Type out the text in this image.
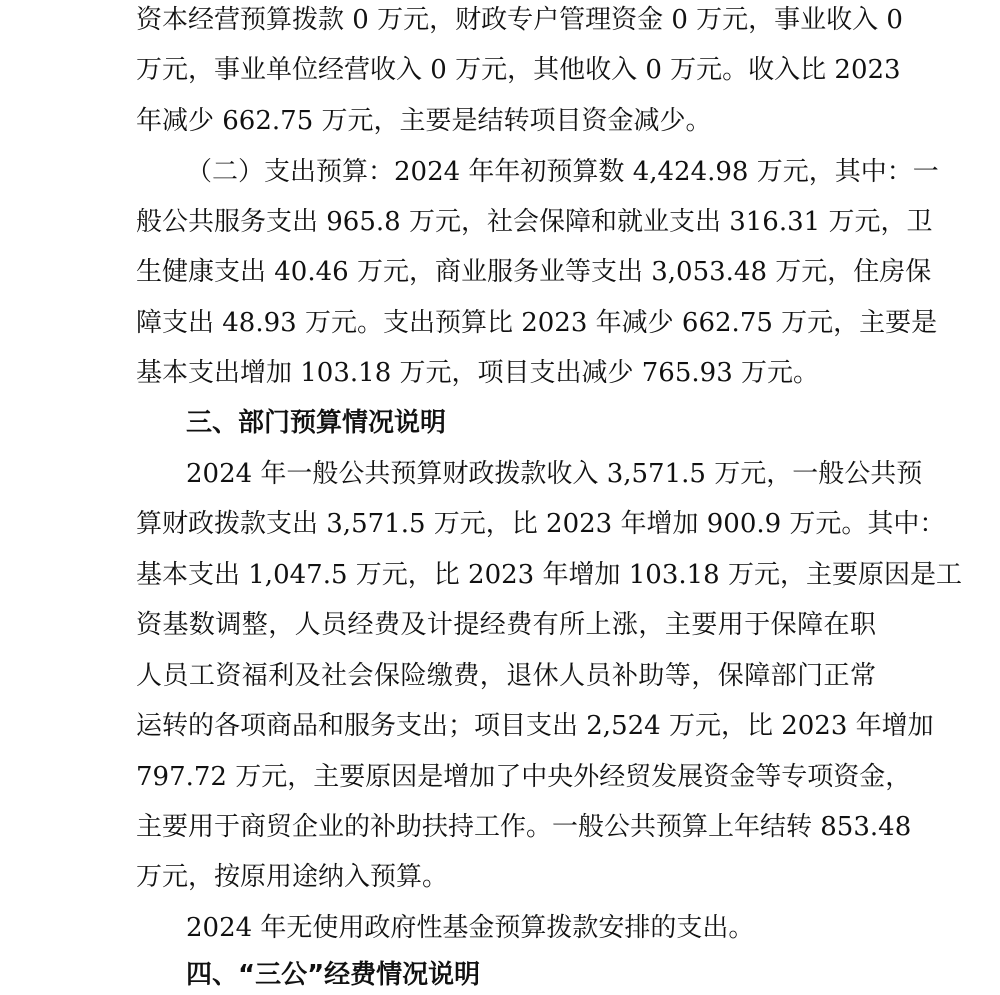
资本经营预算拨款 0 万元，财政专户管理资金 0 万元，事业收入 0
万元，事业单位经营收入 0 万元，其他收入 0 万元。收入比 2023
年减少 662.75 万元，主要是结转项目资金减少。
（二）支出预算：2024 年年初预算数 4,424.98 万元，其中：一
般公共服务支出 965.8 万元，社会保障和就业支出 316.31 万元，卫
生健康支出 40.46 万元，商业服务业等支出 3,053.48 万元，住房保
障支出 48.93 万元。支出预算比 2023 年减少 662.75 万元，主要是
基本支出增加 103.18 万元，项目支出减少 765.93 万元。
三、部门预算情况说明
2024 年一般公共预算财政拨款收入 3,571.5 万元，一般公共预
算财政拨款支出 3,571.5 万元，比 2023 年增加 900.9 万元。其中：
基本支出 1,047.5 万元，比 2023 年增加 103.18 万元，主要原因是工
资基数调整，人员经费及计提经费有所上涨，主要用于保障在职
人员工资福利及社会保险缴费，退休人员补助等，保障部门正常
运转的各项商品和服务支出；项目支出 2,524 万元，比 2023 年增加
797.72 万元，主要原因是增加了中央外经贸发展资金等专项资金，
主要用于商贸企业的补助扶持工作。一般公共预算上年结转 853.48
万元，按原用途纳入预算。
2024 年无使用政府性基金预算拨款安排的支出。
四、“三公”经费情况说明
